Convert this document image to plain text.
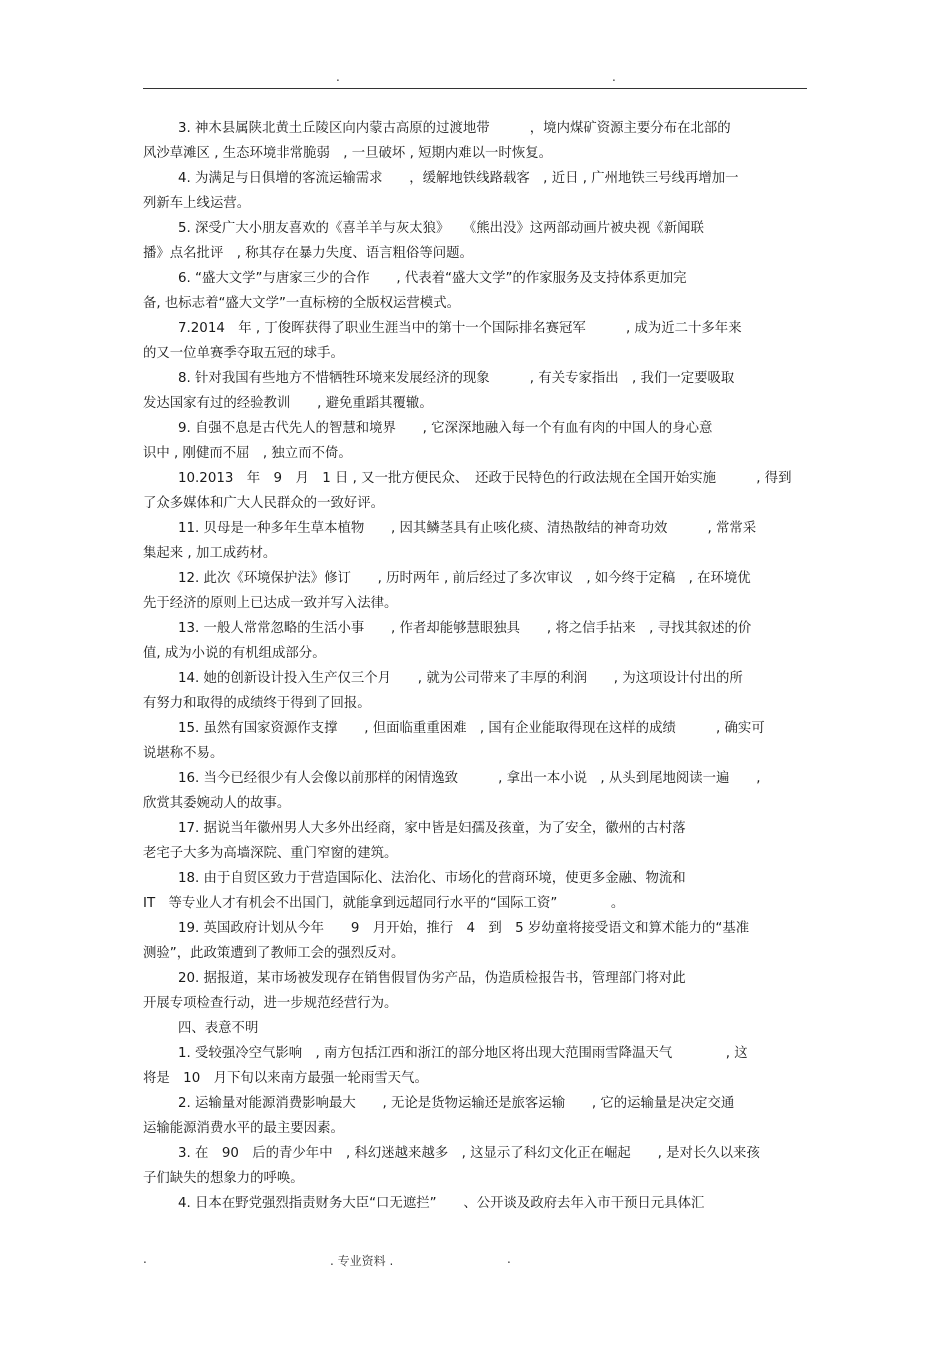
.	.
3. 神木县属陕北黄土丘陵区向内蒙古高原的过渡地带　　　，境内煤矿资源主要分布在北部的
风沙草滩区 , 生态环境非常脆弱　, 一旦破坏 , 短期内难以一时恢复。
4. 为满足与日俱增的客流运输需求　　，缓解地铁线路载客　, 近日 , 广州地铁三号线再增加一
列新车上线运营。
5. 深受广大小朋友喜欢的《喜羊羊与灰太狼》　　《熊出没》这两部动画片被央视《新闻联
播》点名批评　, 称其存在暴力失度、语言粗俗等问题。
6. “盛大文学”与唐家三少的合作　　, 代表着“盛大文学”的作家服务及支持体系更加完
备, 也标志着“盛大文学”一直标榜的全版权运营模式。
7.2014　年 , 丁俊晖获得了职业生涯当中的第十一个国际排名赛冠军　　　, 成为近二十多年来
的又一位单赛季夺取五冠的球手。
8. 针对我国有些地方不惜牺牲环境来发展经济的现象　　　, 有关专家指出　, 我们一定要吸取
发达国家有过的经验教训　　, 避免重蹈其覆辙。
9. 自强不息是古代先人的智慧和境界　　, 它深深地融入每一个有血有肉的中国人的身心意
识中 , 刚健而不屈　, 独立而不倚。
10.2013　年　9　月　1 日 , 又一批方便民众、　还政于民特色的行政法规在全国开始实施　　　, 得到
了众多媒体和广大人民群众的一致好评。
11. 贝母是一种多年生草本植物　　, 因其鳞茎具有止咳化痰、清热散结的神奇功效　　　, 常常采
集起来 , 加工成药材。
12. 此次《环境保护法》修订　　, 历时两年 , 前后经过了多次审议　, 如今终于定稿　, 在环境优
先于经济的原则上已达成一致并写入法律。
13. 一般人常常忽略的生活小事　　, 作者却能够慧眼独具　　, 将之信手拈来　, 寻找其叙述的价
值, 成为小说的有机组成部分。
14. 她的创新设计投入生产仅三个月　　, 就为公司带来了丰厚的利润　　, 为这项设计付出的所
有努力和取得的成绩终于得到了回报。
15. 虽然有国家资源作支撑　　, 但面临重重困难　, 国有企业能取得现在这样的成绩　　　, 确实可
说堪称不易。
16. 当今已经很少有人会像以前那样的闲情逸致　　　, 拿出一本小说　, 从头到尾地阅读一遍　　,
欣赏其委婉动人的故事。
17. 据说当年徽州男人大多外出经商，家中皆是妇孺及孩童，为了安全，徽州的古村落
老宅子大多为高墙深院、重门窄窗的建筑。
18. 由于自贸区致力于营造国际化、法治化、市场化的营商环境，使更多金融、物流和
IT　等专业人才有机会不出国门，就能拿到远超同行水平的“国际工资”　　　　。
19. 英国政府计划从今年　　9　月开始，推行　4　到　5 岁幼童将接受语文和算术能力的“基准
测验”，此政策遭到了教师工会的强烈反对。
20. 据报道，某市场被发现存在销售假冒伪劣产品，伪造质检报告书，管理部门将对此
开展专项检查行动，进一步规范经营行为。
四、表意不明
1. 受较强冷空气影响　, 南方包括江西和浙江的部分地区将出现大范围雨雪降温天气　　　　, 这
将是　10　月下旬以来南方最强一轮雨雪天气。
2. 运输量对能源消费影响最大　　, 无论是货物运输还是旅客运输　　, 它的运输量是决定交通
运输能源消费水平的最主要因素。
3. 在　90　后的青少年中　, 科幻迷越来越多　, 这显示了科幻文化正在崛起　　, 是对长久以来孩
子们缺失的想象力的呼唤。
4. 日本在野党强烈指责财务大臣“口无遮拦”　　、公开谈及政府去年入市干预日元具体汇
.	. 专业资料 .	.
